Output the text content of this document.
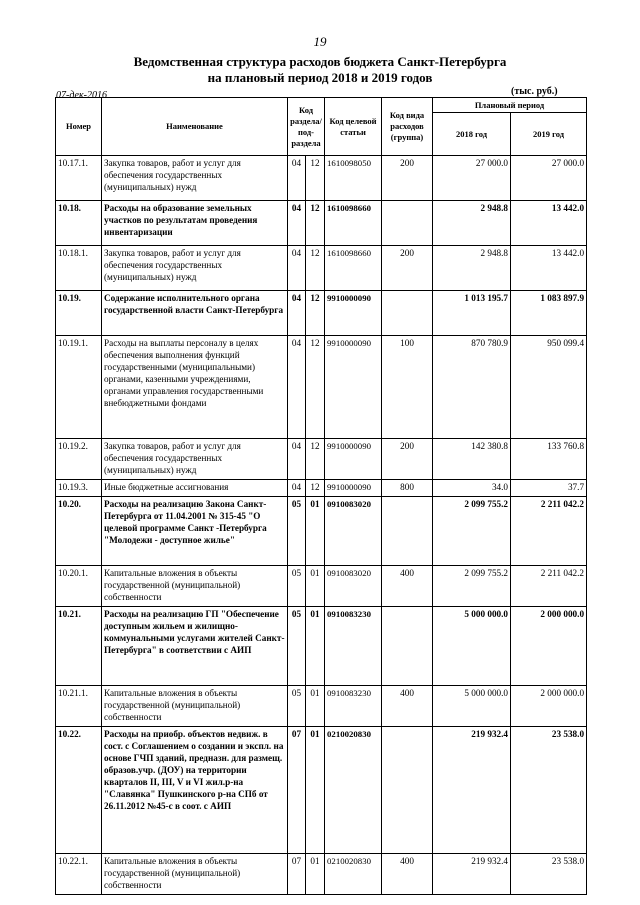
19
Ведомственная структура расходов бюджета Санкт-Петербурга
на плановый период 2018 и 2019 годов
07-дек-2016	(тыс. руб.)
Номер	Наименование	Код раздела/ под-раздела		Код целевой статьи	Код вида расходов (группа)	Плановый период	
						2018 год	2019 год
10.17.1.	Закупка товаров, работ и услуг для обеспечения государственных (муниципальных) нужд	04	12	1610098050	200	27 000.0	27 000.0
10.18.	Расходы на образование земельных участков по результатам проведения инвентаризации	04	12	1610098660		2 948.8	13 442.0
10.18.1.	Закупка товаров, работ и услуг для обеспечения государственных (муниципальных) нужд	04	12	1610098660	200	2 948.8	13 442.0
10.19.	Содержание исполнительного органа государственной власти Санкт-Петербурга	04	12	9910000090		1 013 195.7	1 083 897.9
10.19.1.	Расходы на выплаты персоналу в целях обеспечения выполнения функций государственными (муниципальными) органами, казенными учреждениями, органами управления государственными внебюджетными фондами	04	12	9910000090	100	870 780.9	950 099.4
10.19.2.	Закупка товаров, работ и услуг для обеспечения государственных (муниципальных) нужд	04	12	9910000090	200	142 380.8	133 760.8
10.19.3.	Иные бюджетные ассигнования	04	12	9910000090	800	34.0	37.7
10.20.	Расходы на реализацию Закона Санкт-Петербурга от 11.04.2001 № 315-45 "О целевой программе Санкт -Петербурга "Молодежи - доступное жилье"	05	01	0910083020		2 099 755.2	2 211 042.2
10.20.1.	Капитальные вложения в объекты государственной (муниципальной) собственности	05	01	0910083020	400	2 099 755.2	2 211 042.2
10.21.	Расходы на реализацию ГП "Обеспечение доступным жильем и жилищно-коммунальными услугами жителей Санкт-Петербурга" в соответствии с АИП	05	01	0910083230		5 000 000.0	2 000 000.0
10.21.1.	Капитальные вложения в объекты государственной (муниципальной) собственности	05	01	0910083230	400	5 000 000.0	2 000 000.0
10.22.	Расходы на приобр. объектов недвиж. в сост. с Соглашением о создании и экспл. на основе ГЧП зданий, предназн. для размещ. образов.учр. (ДОУ) на территории кварталов II, III, V и VI жил.р-на "Славянка" Пушкинского р-на СПб от 26.11.2012 №45-с в соот. с АИП	07	01	0210020830		219 932.4	23 538.0
10.22.1.	Капитальные вложения в объекты государственной (муниципальной) собственности	07	01	0210020830	400	219 932.4	23 538.0
